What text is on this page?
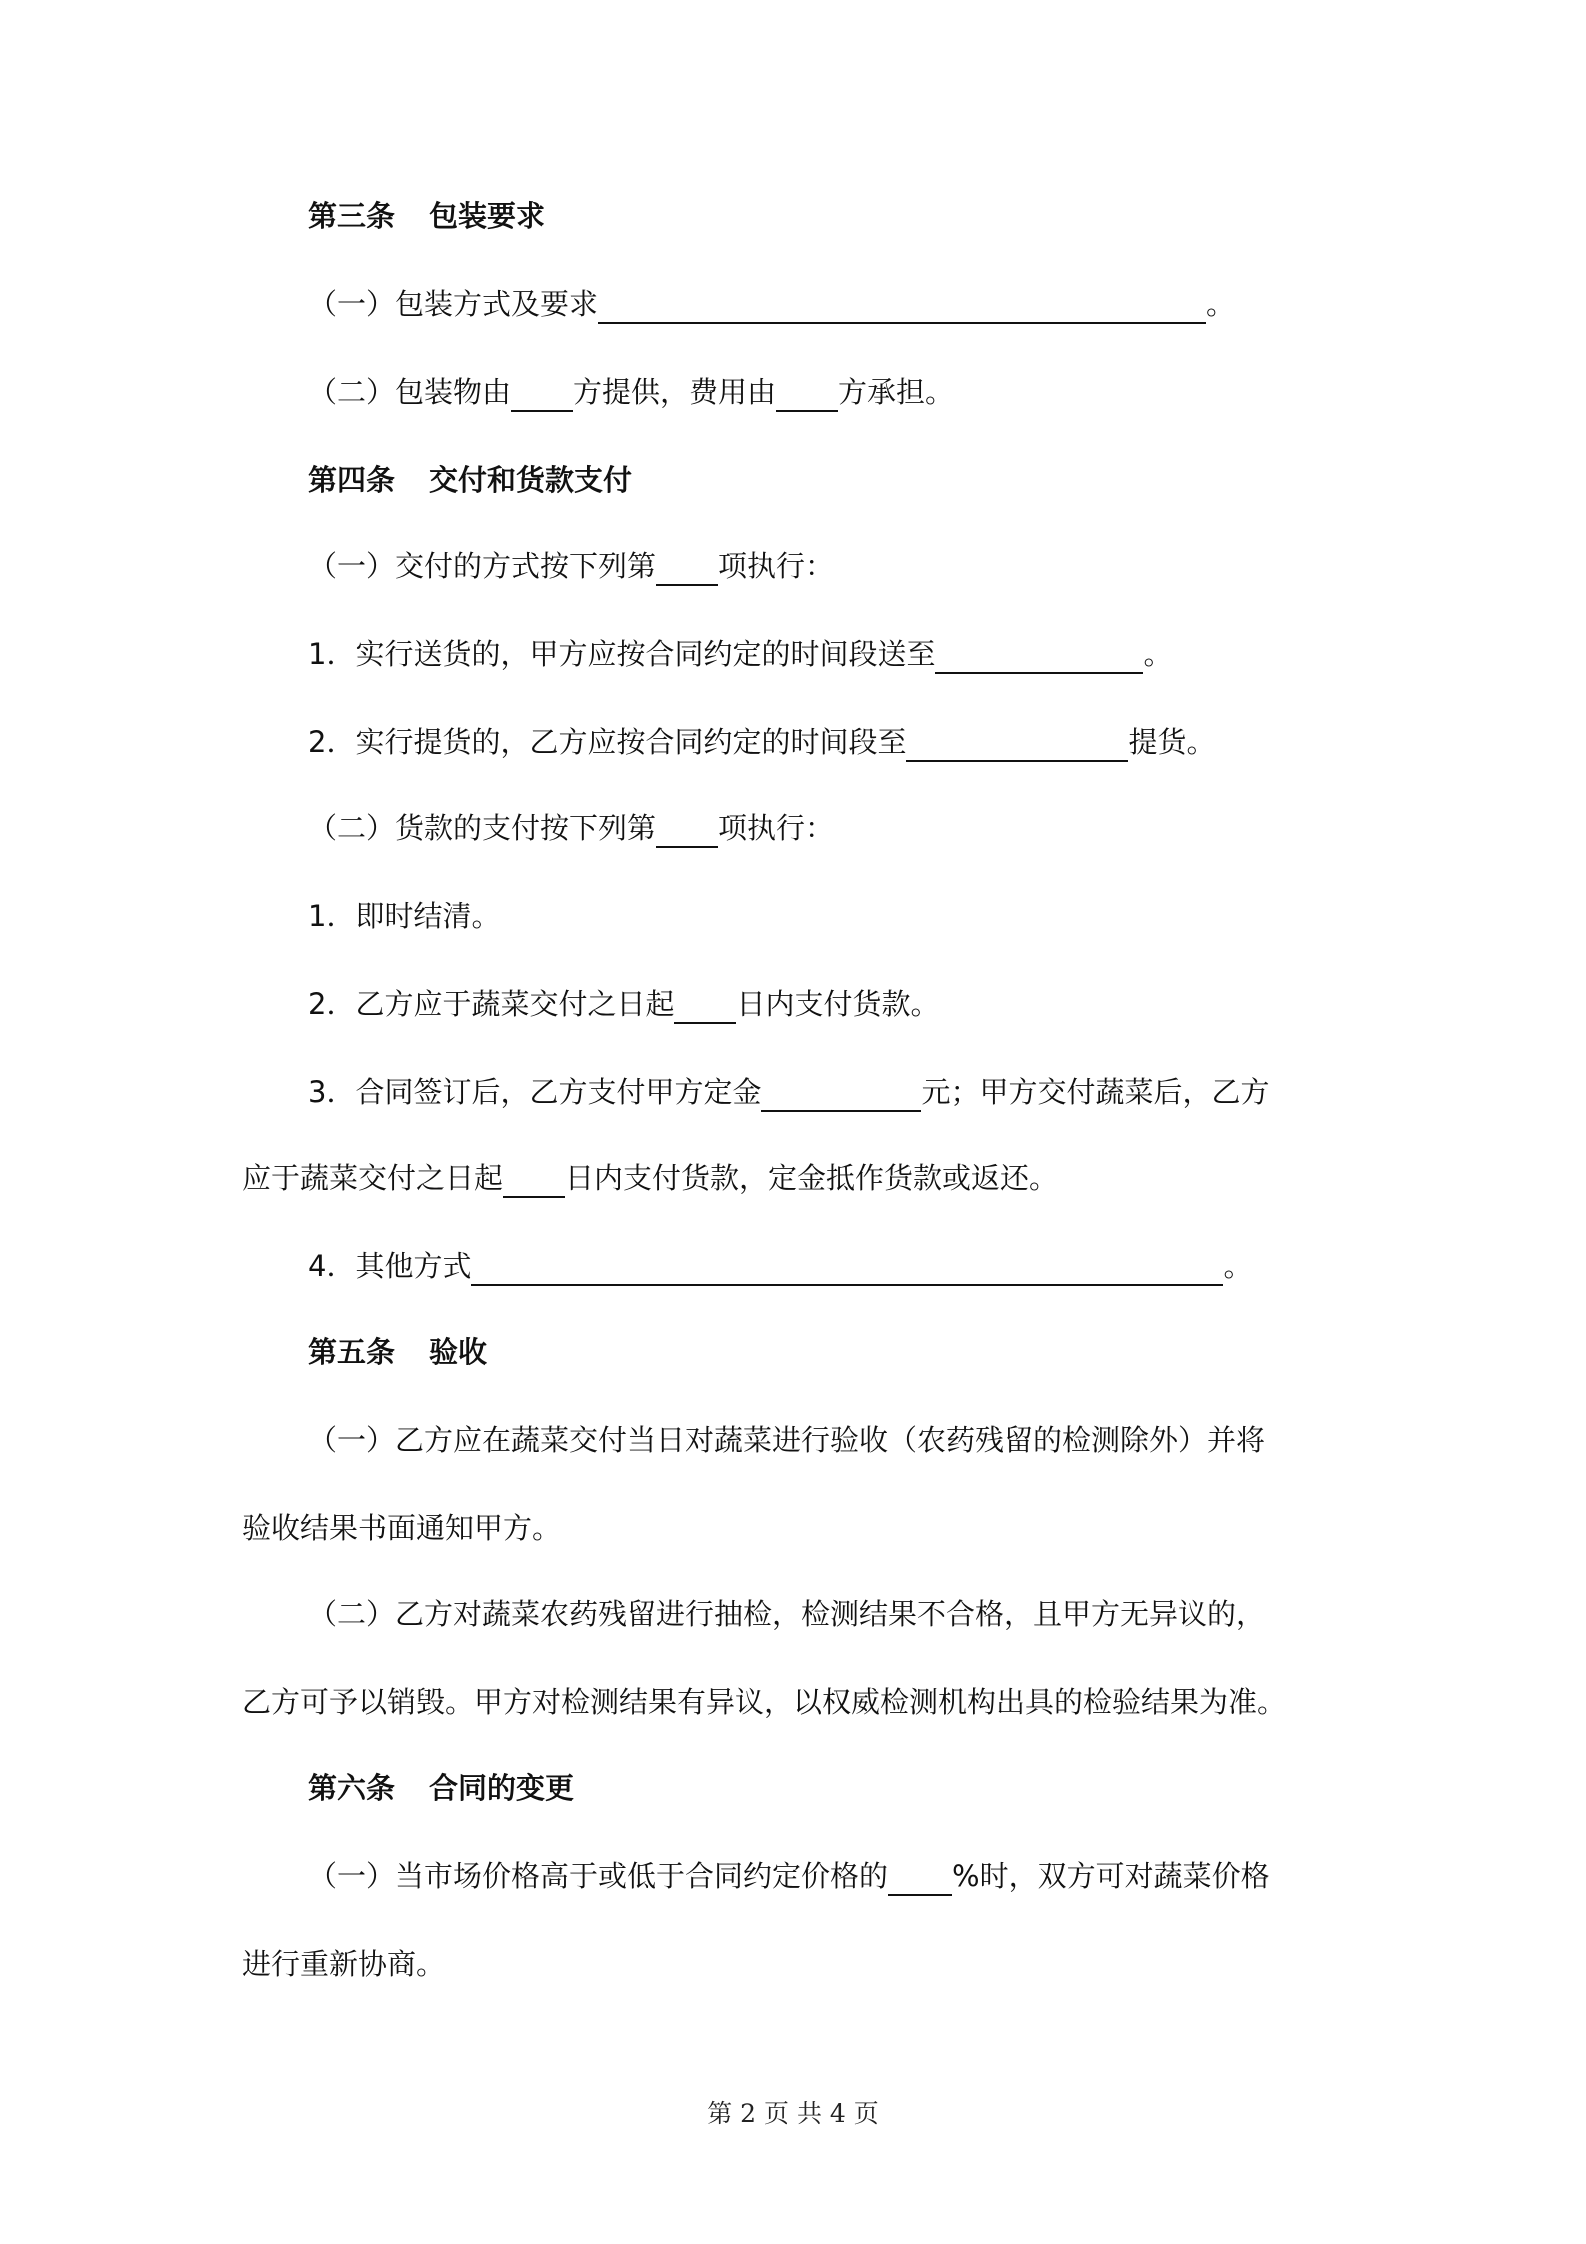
第三条 包装要求
（一）包装方式及要求	。
（二）包装物由 方提供，费用由 方承担。
第四条 交付和货款支付
（一）交付的方式按下列第 项执行：
1．实行送货的，甲方应按合同约定的时间段送至	。
2．实行提货的，乙方应按合同约定的时间段至	提货。
（二）货款的支付按下列第 项执行：
1．即时结清。
2．乙方应于蔬菜交付之日起 日内支付货款。
3．合同签订后，乙方支付甲方定金	元；甲方交付蔬菜后，乙方
应于蔬菜交付之日起 日内支付货款，定金抵作货款或返还。
4．其他方式	。
第五条 验收
（一）乙方应在蔬菜交付当日对蔬菜进行验收（农药残留的检测除外）并将
验收结果书面通知甲方。
（二）乙方对蔬菜农药残留进行抽检，检测结果不合格，且甲方无异议的，
乙方可予以销毁。甲方对检测结果有异议，以权威检测机构出具的检验结果为准。
第六条 合同的变更
（一）当市场价格高于或低于合同约定价格的 %时，双方可对蔬菜价格
进行重新协商。
第 2 页 共 4 页
